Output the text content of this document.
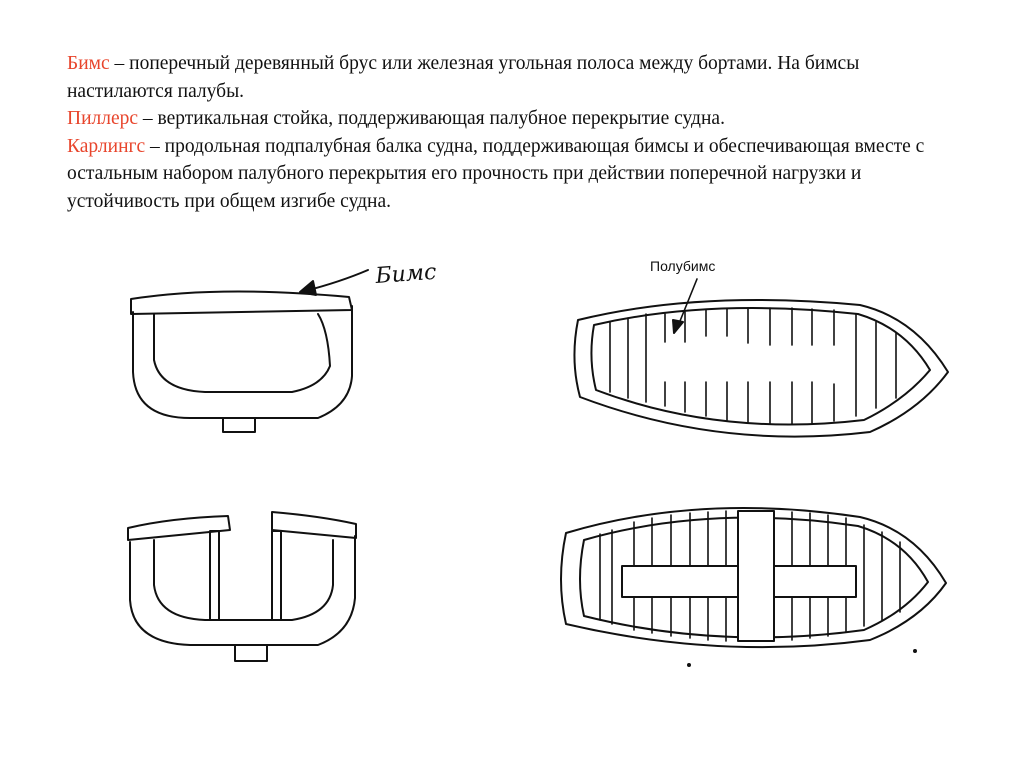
Бимс – поперечный деревянный брус или железная угольная полоса между бортами. На бимсы настилаются палубы.

Пиллерс – вертикальная стойка, поддерживающая палубное перекрытие судна.

Карлингс – продольная подпалубная балка судна, поддерживающая бимсы и обеспечивающая вместе с остальным набором палубного перекрытия его прочность при действии поперечной нагрузки и устойчивость при общем изгибе судна.

Бимс	Полубимс
